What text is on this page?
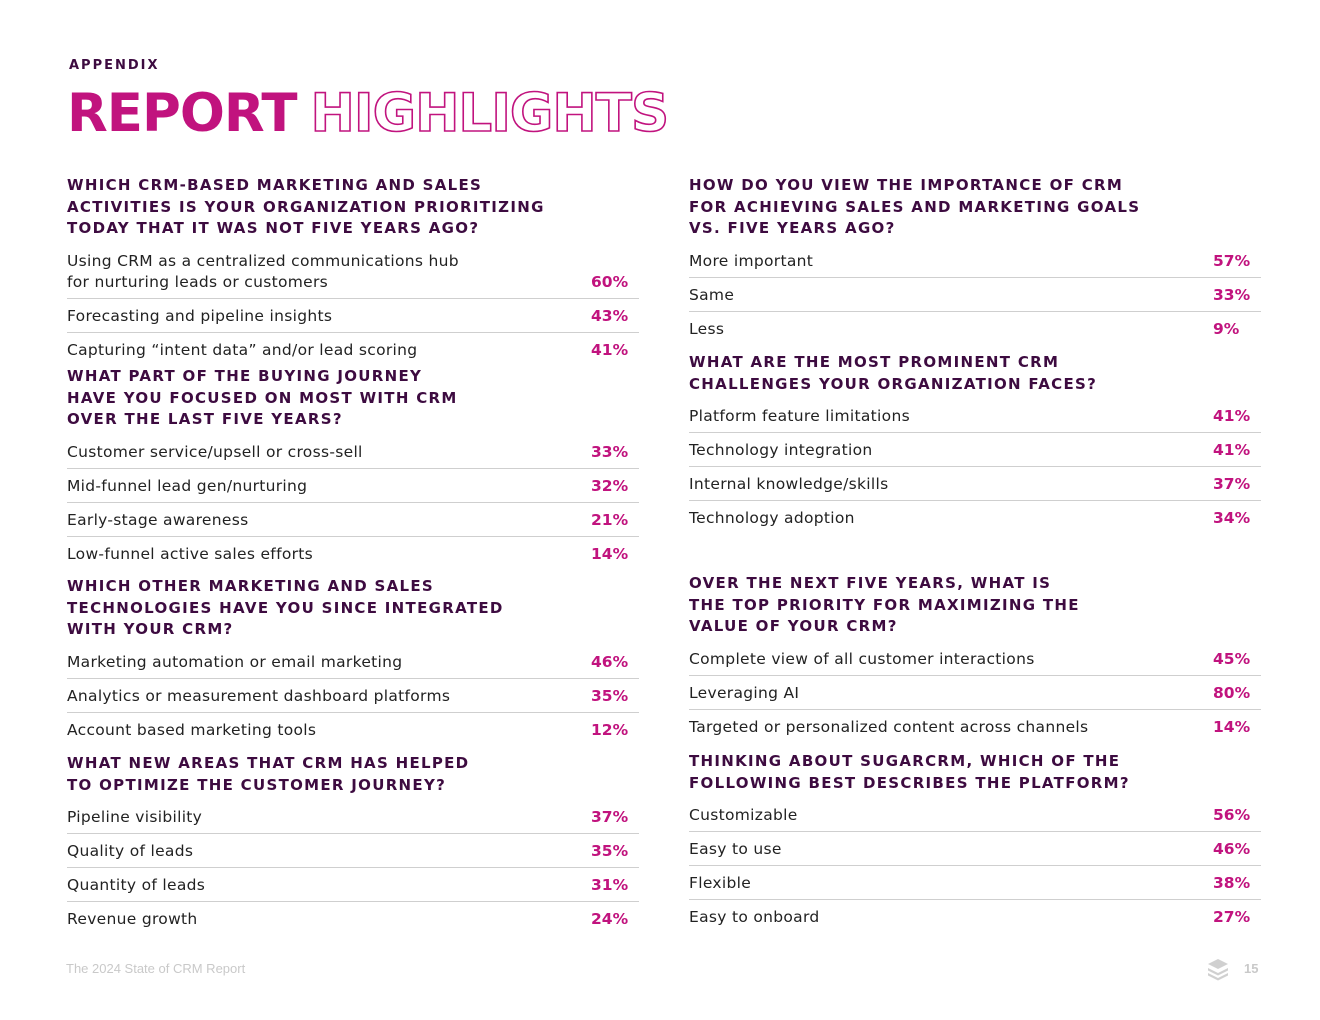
APPENDIX
REPORT HIGHLIGHTS
WHICH CRM-BASED MARKETING AND SALES
ACTIVITIES IS YOUR ORGANIZATION PRIORITIZING
TODAY THAT IT WAS NOT FIVE YEARS AGO?
Using CRM as a centralized communications hub
for nurturing leads or customers	60%
Forecasting and pipeline insights	43%
Capturing “intent data” and/or lead scoring	41%
WHAT PART OF THE BUYING JOURNEY
HAVE YOU FOCUSED ON MOST WITH CRM
OVER THE LAST FIVE YEARS?
Customer service/upsell or cross-sell	33%
Mid-funnel lead gen/nurturing	32%
Early-stage awareness	21%
Low-funnel active sales efforts	14%
WHICH OTHER MARKETING AND SALES
TECHNOLOGIES HAVE YOU SINCE INTEGRATED
WITH YOUR CRM?
Marketing automation or email marketing	46%
Analytics or measurement dashboard platforms	35%
Account based marketing tools	12%
WHAT NEW AREAS THAT CRM HAS HELPED
TO OPTIMIZE THE CUSTOMER JOURNEY?
Pipeline visibility	37%
Quality of leads	35%
Quantity of leads	31%
Revenue growth	24%
HOW DO YOU VIEW THE IMPORTANCE OF CRM
FOR ACHIEVING SALES AND MARKETING GOALS
VS. FIVE YEARS AGO?
More important	57%
Same	33%
Less	9%
WHAT ARE THE MOST PROMINENT CRM
CHALLENGES YOUR ORGANIZATION FACES?
Platform feature limitations	41%
Technology integration	41%
Internal knowledge/skills	37%
Technology adoption	34%
OVER THE NEXT FIVE YEARS, WHAT IS
THE TOP PRIORITY FOR MAXIMIZING THE
VALUE OF YOUR CRM?
Complete view of all customer interactions	45%
Leveraging AI	80%
Targeted or personalized content across channels	14%
THINKING ABOUT SUGARCRM, WHICH OF THE
FOLLOWING BEST DESCRIBES THE PLATFORM?
Customizable	56%
Easy to use	46%
Flexible	38%
Easy to onboard	27%
The 2024 State of CRM Report	15
